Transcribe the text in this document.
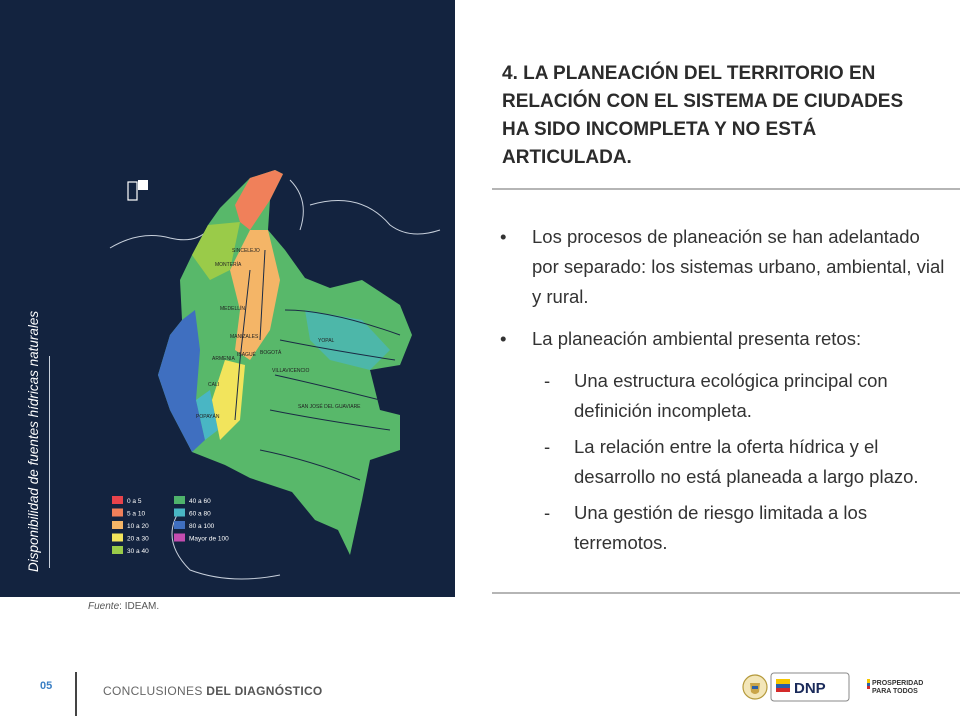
Disponibilidad de fuentes hídricas naturales
SINCELEJO
MONTERÍA
MEDELLÍN
MANIZALES
IBAGUÉ BOGOTÁ
YOPAL
VILLAVICENCIO
CALI
POPAYÁN
SAN JOSÉ DEL GUAVIARE
ARMENIA
0 a 5
5 a 10
10 a 20
20 a 30
30 a 40
40 a 60
60 a 80
80 a 100
Mayor de 100
Fuente: IDEAM.
4. LA PLANEACIÓN DEL TERRITORIO EN RELACIÓN CON EL SISTEMA DE CIUDADES HA SIDO INCOMPLETA Y NO ESTÁ ARTICULADA.
• Los procesos de planeación se han adelantado por separado: los sistemas urbano, ambiental, vial y rural.
• La planeación ambiental presenta retos:
- Una estructura ecológica principal con definición incompleta.
- La relación entre la oferta hídrica y el desarrollo no está planeada a largo plazo.
- Una gestión de riesgo limitada a los terremotos.
05	CONCLUSIONES DEL DIAGNÓSTICO	DNP	PROSPERIDAD
PARA TODOS
